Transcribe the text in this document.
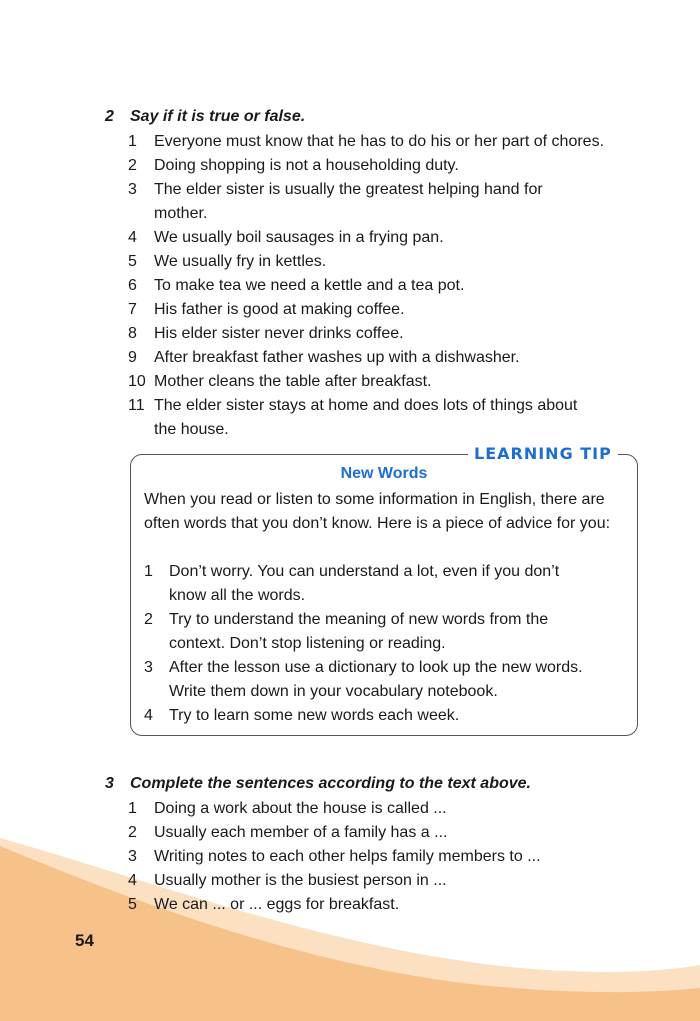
2 Say if it is true or false.
1 Everyone must know that he has to do his or her part of chores.
2 Doing shopping is not a householding duty.
3 The elder sister is usually the greatest helping hand for
mother.
4 We usually boil sausages in a frying pan.
5 We usually fry in kettles.
6 To make tea we need a kettle and a tea pot.
7 His father is good at making coffee.
8 His elder sister never drinks coffee.
9 After breakfast father washes up with a dishwasher.
10 Mother cleans the table after breakfast.
11 The elder sister stays at home and does lots of things about
the house.
LEARNING TIP
New Words

When you read or listen to some information in English, there are often words that you don’t know. Here is a piece of advice for you:

1 Don’t worry. You can understand a lot, even if you don’t
know all the words.
2 Try to understand the meaning of new words from the
context. Don’t stop listening or reading.
3 After the lesson use a dictionary to look up the new words.
Write them down in your vocabulary notebook.
4 Try to learn some new words each week.
3 Complete the sentences according to the text above.
1 Doing a work about the house is called ...
2 Usually each member of a family has a ...
3 Writing notes to each other helps family members to ...
4 Usually mother is the busiest person in ...
5 We can ... or ... eggs for breakfast.
54
